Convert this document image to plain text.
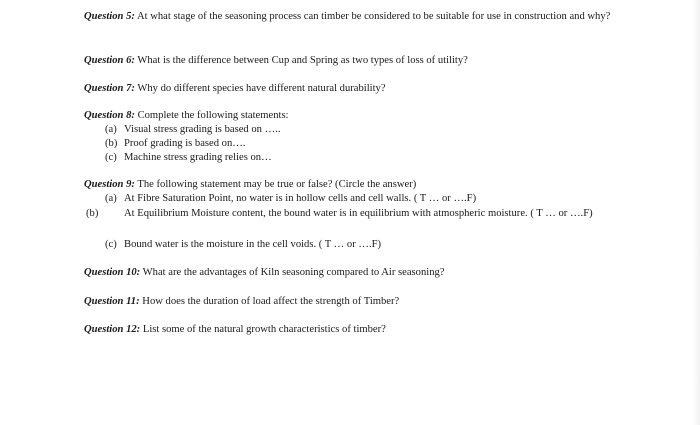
Question 5: At what stage of the seasoning process can timber be considered to be suitable for use in construction and why?

Question 6: What is the difference between Cup and Spring as two types of loss of utility?

Question 7: Why do different species have different natural durability?

Question 8: Complete the following statements:

(a) Visual stress grading is based on …..

(b) Proof grading is based on….

(c) Machine stress grading relies on…

Question 9: The following statement may be true or false? (Circle the answer)

(a) At Fibre Saturation Point, no water is in hollow cells and cell walls. ( T … or ….F)

(b) At Equilibrium Moisture content, the bound water is in equilibrium with atmospheric moisture. ( T … or ….F)

(c) Bound water is the moisture in the cell voids. ( T … or ….F)

Question 10: What are the advantages of Kiln seasoning compared to Air seasoning?

Question 11: How does the duration of load affect the strength of Timber?

Question 12: List some of the natural growth characteristics of timber?
